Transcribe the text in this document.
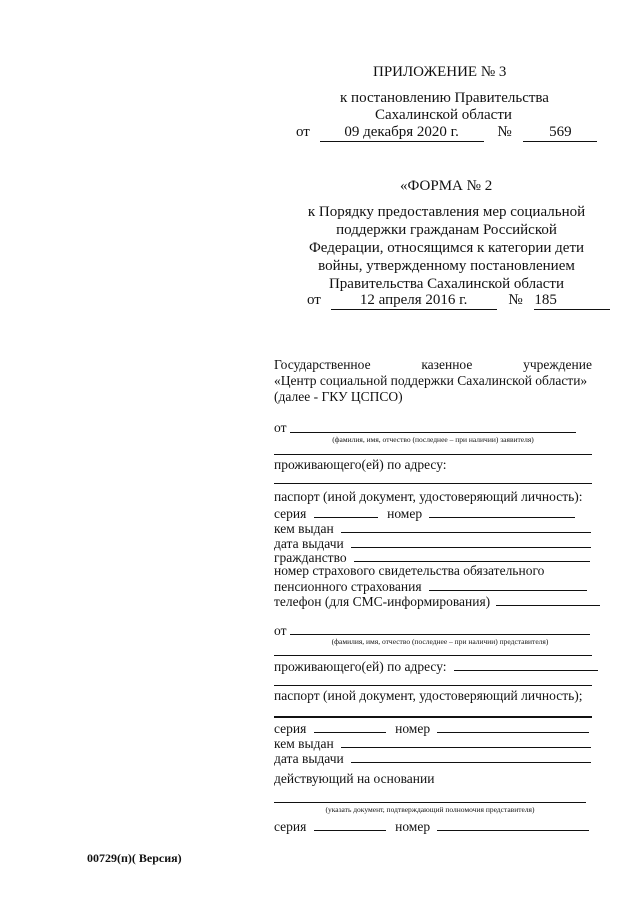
ПРИЛОЖЕНИЕ № 3
к постановлению Правительства
Сахалинской области
от 09 декабря 2020 г.	№	569
«ФОРМА № 2
к Порядку предоставления мер социальной
поддержки гражданам Российской
Федерации, относящимся к категории дети
войны, утвержденному постановлением
Правительства Сахалинской области
от	12 апреля 2016 г.	№ 185
Государственное	казенное	учреждение
«Центр социальной поддержки Сахалинской области»
(далее - ГКУ ЦСПСО)
от
(фамилия, имя, отчество (последнее – при наличии) заявителя)
проживающего(ей) по адресу:
паспорт (иной документ, удостоверяющий личность):
серия	номер
кем выдан
дата выдачи
гражданство
номер страхового свидетельства обязательного
пенсионного страхования
телефон (для СМС-информирования)
от
(фамилия, имя, отчество (последнее – при наличии) представителя)
проживающего(ей) по адресу:
паспорт (иной документ, удостоверяющий личность);
серия	номер
кем выдан
дата выдачи
действующий на основании
(указать документ, подтверждающий полномочия представителя)
серия	номер
00729(п)( Версия)
